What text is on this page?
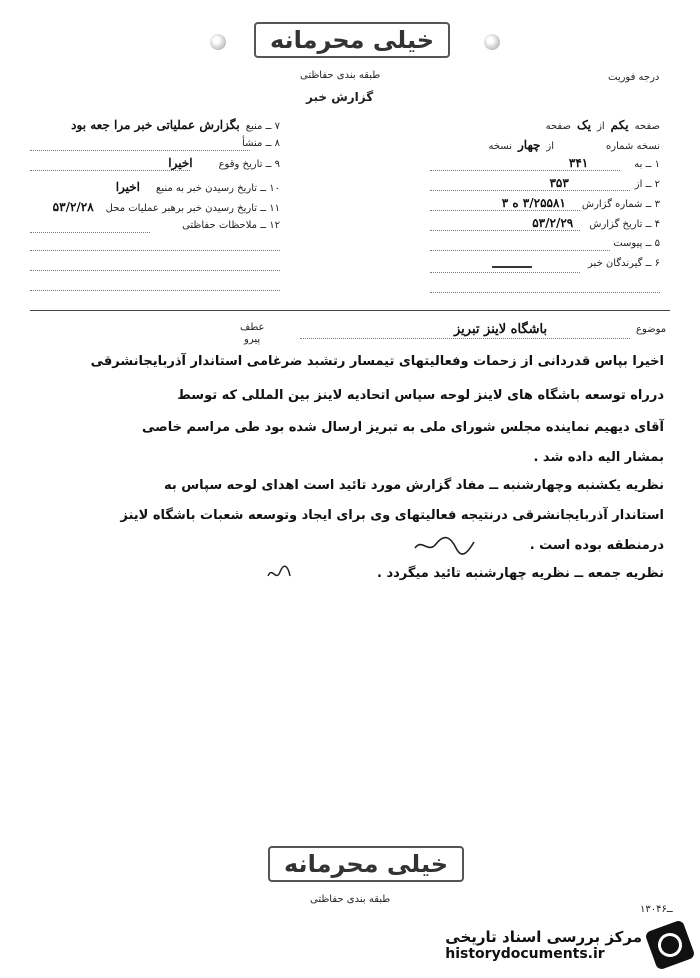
خیلی محرمانه
طبقه بندی حفاظتی
گزارش خبر
درجه فوریت
صفحه
یکم
از
یک
صفحه
نسخه شماره
از
چهار
نسخه
۱ ــ به
۳۴۱
۲ ــ از
۳۵۳
۳ ــ شماره گزارش
۳/۲۵۵۸۱ ه ۳
۴ ــ تاریخ گزارش
۵۳/۲/۲۹
۵ ــ پیوست
۶ ــ گیرندگان خبر
۷ ــ منبع
بگزارش عملیاتی خبر مرا جعه بود
۸ ــ منشأ
۹ ــ تاریخ وقوع
اخیرا
۱۰ ــ تاریخ رسیدن خبر به منبع
اخیرا
۱۱ ــ تاریخ رسیدن خبر برهبر عملیات محل
۵۳/۲/۲۸
۱۲ ــ ملاحظات حفاظتی
موضوع
باشگاه لاینز تبریز
عطف
پیرو
اخیرا بپاس قدردانی از زحمات وفعالیتهای تیمسار رتشبد ضرغامی استاندار آذربایجانشرقی
درراه توسعه باشگاه های لاینز لوحه سپاس اتحادیه لاینز بین المللی که توسط
آقای دیهیم نماینده مجلس شورای ملی به تبریز ارسال شده بود طی مراسم خاصی
بمشار الیه داده شد .
نظریه یکشنبه وچهارشنبه ــ مفاد گزارش مورد تائید است اهدای لوحه سپاس به
استاندار آذربایجانشرقی درنتیجه فعالیتهای وی برای ایجاد وتوسعه شعبات باشگاه لاینز
درمنطقه بوده است .
نظریه جمعه ــ نظریه چهارشنبه تائید میگردد .
خیلی محرمانه
طبقه بندی حفاظتی
۱۳۰ــ۴۶
مرکز بررسی اسناد تاریخی
historydocuments.ir
